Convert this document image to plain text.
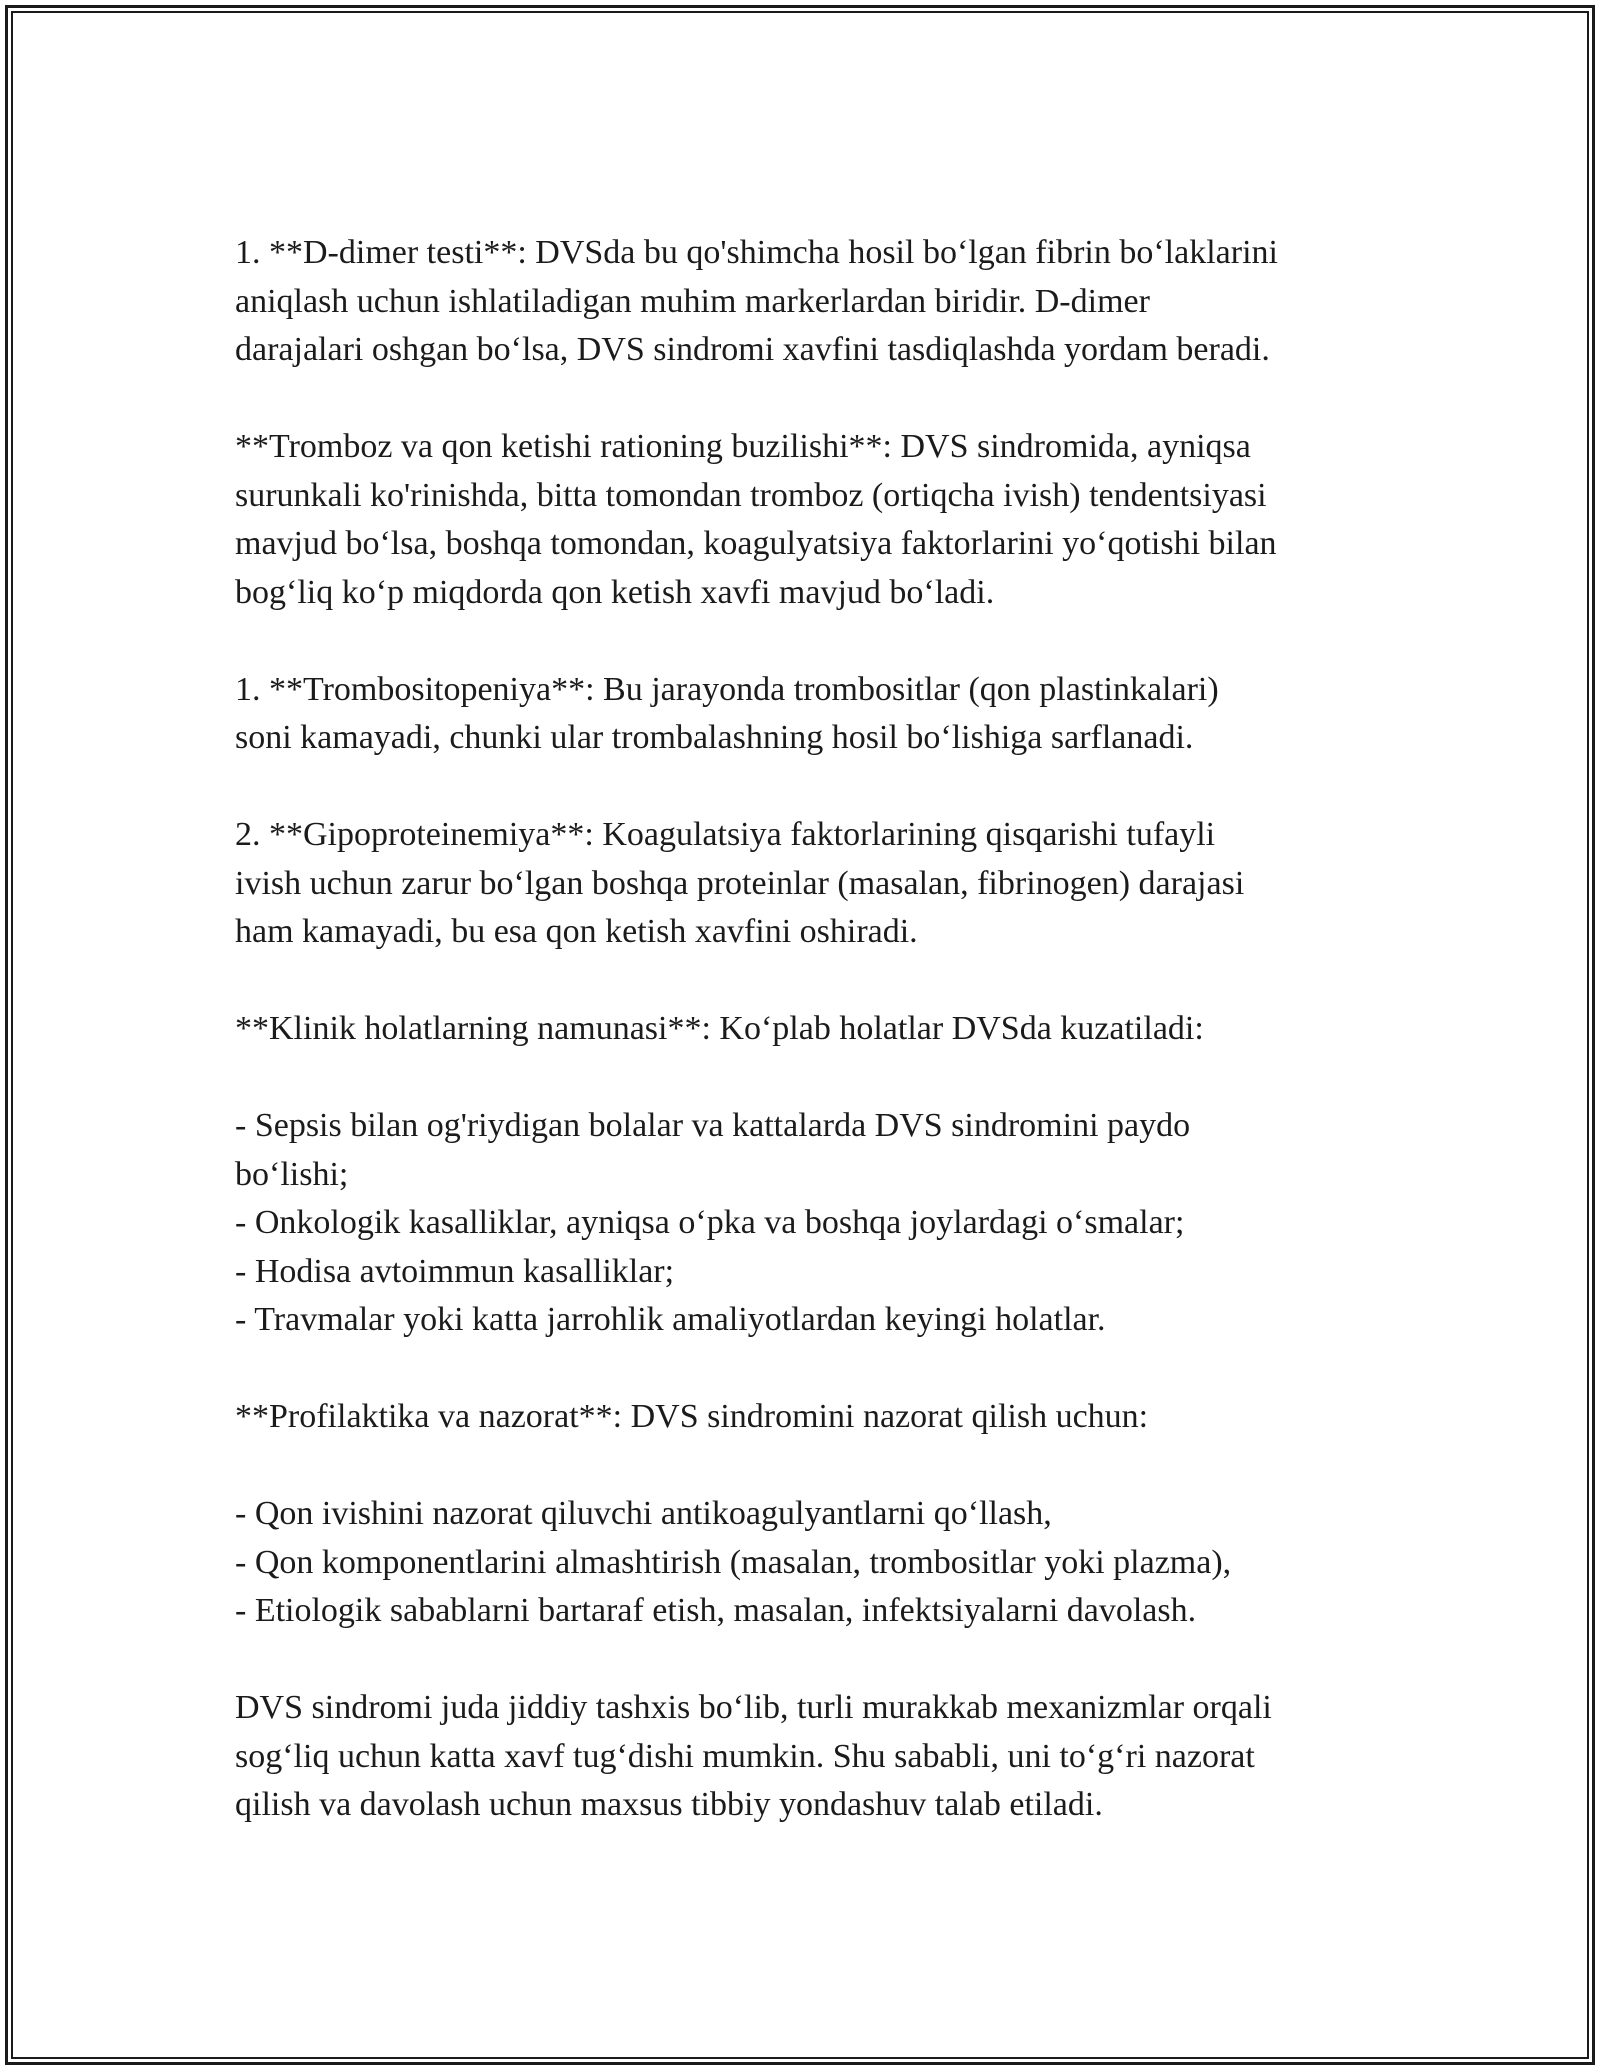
1. **D-dimer testi**: DVSda bu qo'shimcha hosil bo‘lgan fibrin bo‘laklarini
aniqlash uchun ishlatiladigan muhim markerlardan biridir. D-dimer
darajalari oshgan bo‘lsa, DVS sindromi xavfini tasdiqlashda yordam beradi.
**Tromboz va qon ketishi rationing buzilishi**: DVS sindromida, ayniqsa
surunkali ko'rinishda, bitta tomondan tromboz (ortiqcha ivish) tendentsiyasi
mavjud bo‘lsa, boshqa tomondan, koagulyatsiya faktorlarini yo‘qotishi bilan
bog‘liq ko‘p miqdorda qon ketish xavfi mavjud bo‘ladi.
1. **Trombositopeniya**: Bu jarayonda trombositlar (qon plastinkalari)
soni kamayadi, chunki ular trombalashning hosil bo‘lishiga sarflanadi.
2. **Gipoproteinemiya**: Koagulatsiya faktorlarining qisqarishi tufayli
ivish uchun zarur bo‘lgan boshqa proteinlar (masalan, fibrinogen) darajasi
ham kamayadi, bu esa qon ketish xavfini oshiradi.
**Klinik holatlarning namunasi**: Ko‘plab holatlar DVSda kuzatiladi:
- Sepsis bilan og'riydigan bolalar va kattalarda DVS sindromini paydo
bo‘lishi;
- Onkologik kasalliklar, ayniqsa o‘pka va boshqa joylardagi o‘smalar;
- Hodisa avtoimmun kasalliklar;
- Travmalar yoki katta jarrohlik amaliyotlardan keyingi holatlar.
**Profilaktika va nazorat**: DVS sindromini nazorat qilish uchun:
- Qon ivishini nazorat qiluvchi antikoagulyantlarni qo‘llash,
- Qon komponentlarini almashtirish (masalan, trombositlar yoki plazma),
- Etiologik sabablarni bartaraf etish, masalan, infektsiyalarni davolash.
DVS sindromi juda jiddiy tashxis bo‘lib, turli murakkab mexanizmlar orqali
sog‘liq uchun katta xavf tug‘dishi mumkin. Shu sababli, uni to‘g‘ri nazorat
qilish va davolash uchun maxsus tibbiy yondashuv talab etiladi.
